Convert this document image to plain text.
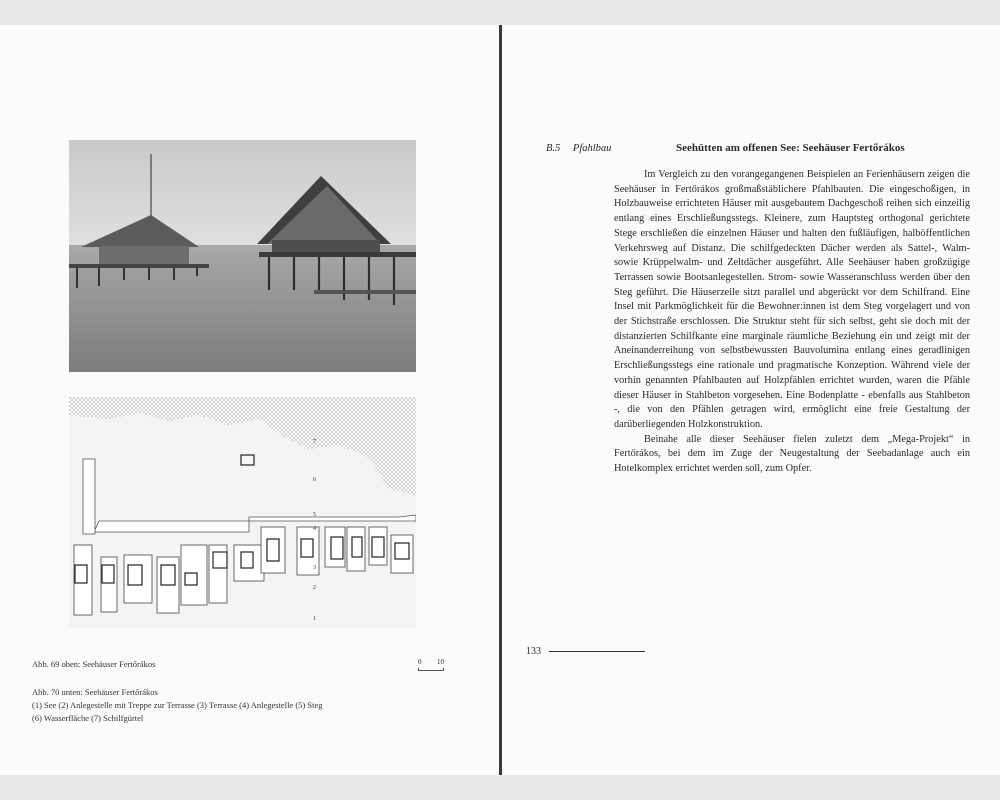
7
6
5
4
3
2
1
Abb. 69 oben: Seehäuser Fertőrákos	0 10
Abb. 70 unten: Seehäuser Fertőrákos
(1) See (2) Anlegestelle mit Treppe zur Terrasse (3) Terrasse (4) Anlegestelle (5) Steg
(6) Wasserfläche (7) Schilfgürtel
B.5 Pfahlbau	Seehütten am offenen See: Seehäuser Fertőrákos

Im Vergleich zu den vorangegangenen Beispielen an Ferienhäusern zeigen die Seehäuser in Fertőrákos großmaßstäblichere Pfahlbauten. Die eingeschoßigen, in Holzbauweise errichteten Häuser mit ausgebautem Dachgeschoß reihen sich einzeilig entlang eines Erschließungsstegs. Kleinere, zum Hauptsteg orthogonal gerichtete Stege erschließen die einzelnen Häuser und halten den fußläufigen, halböffentlichen Verkehrsweg auf Distanz. Die schilfgedeckten Dächer werden als Sattel-, Walm- sowie Krüppelwalm- und Zeltdächer ausgeführt. Alle Seehäuser haben großzügige Terrassen sowie Bootsanlegestellen. Strom- sowie Wasseranschluss werden über den Steg geführt. Die Häuserzeile sitzt parallel und abgerückt vor dem Schilfrand. Eine Insel mit Parkmöglichkeit für die Bewohner:innen ist dem Steg vorgelagert und von der Stichstraße erschlossen. Die Struktur steht für sich selbst, geht sie doch mit der distanzierten Schilfkante eine marginale räumliche Beziehung ein und zeigt mit der Aneinanderreihung von selbstbewussten Bauvolumina entlang eines geradlinigen Erschließungsstegs eine rationale und pragmatische Konzeption. Während viele der vorhin genannten Pfahlbauten auf Holzpfählen errichtet wurden, waren die Pfähle dieser Häuser in Stahlbeton vorgesehen. Eine Bodenplatte - ebenfalls aus Stahlbeton -, die von den Pfählen getragen wird, ermöglicht eine freie Gestaltung der darüberliegenden Holzkonstruktion.

Beinahe alle dieser Seehäuser fielen zuletzt dem „Mega-Projekt“ in Fertőrákos, bei dem im Zuge der Neugestaltung der Seebadanlage auch ein Hotelkomplex errichtet werden soll, zum Opfer.

133
